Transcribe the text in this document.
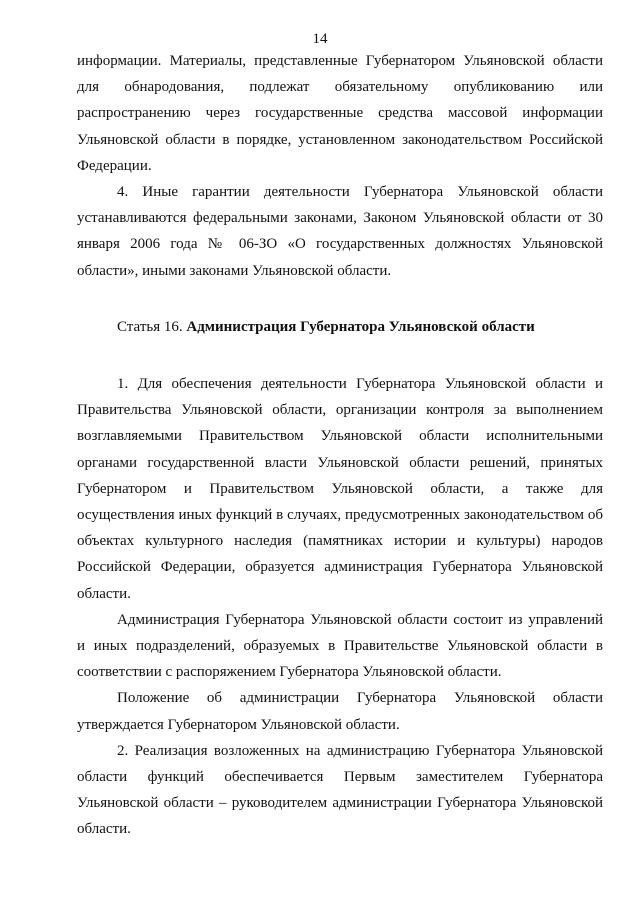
14

информации. Материалы, представленные Губернатором Ульяновской области для обнародования, подлежат обязательному опубликованию или распространению через государственные средства массовой информации Ульяновской области в порядке, установленном законодательством Российской Федерации.

4. Иные гарантии деятельности Губернатора Ульяновской области устанавливаются федеральными законами, Законом Ульяновской области от 30 января 2006 года № 06-ЗО «О государственных должностях Ульяновской области», иными законами Ульяновской области.

Статья 16. Администрация Губернатора Ульяновской области

1. Для обеспечения деятельности Губернатора Ульяновской области и Правительства Ульяновской области, организации контроля за выполнением возглавляемыми Правительством Ульяновской области исполнительными органами государственной власти Ульяновской области решений, принятых Губернатором и Правительством Ульяновской области, а также для осуществления иных функций в случаях, предусмотренных законодательством об объектах культурного наследия (памятниках истории и культуры) народов Российской Федерации, образуется администрация Губернатора Ульяновской области.

Администрация Губернатора Ульяновской области состоит из управлений и иных подразделений, образуемых в Правительстве Ульяновской области в соответствии с распоряжением Губернатора Ульяновской области.

Положение об администрации Губернатора Ульяновской области утверждается Губернатором Ульяновской области.

2. Реализация возложенных на администрацию Губернатора Ульяновской области функций обеспечивается Первым заместителем Губернатора Ульяновской области – руководителем администрации Губернатора Ульяновской области.
